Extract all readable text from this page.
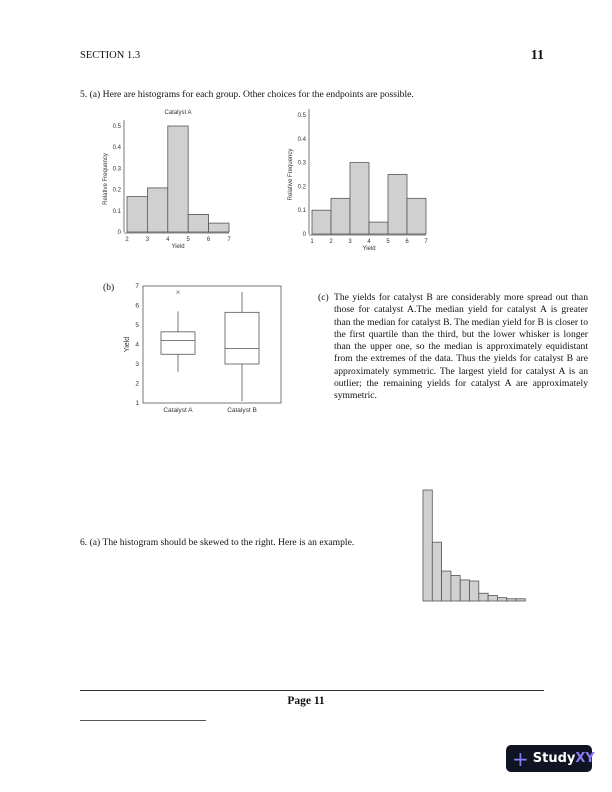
SECTION 1.3	11
5. (a) Here are histograms for each group. Other choices for the endpoints are possible.
0
0.1
0.2
0.3
0.4
0.5
2	3	4	5	6	7
Yield
Relative Frequency
Catalyst A
0
0.1
0.2
0.3
0.4
0.5
1	2	3	4	5	6	7
Yield
Relative Frequency
(b)
1
2
3
4
5
6
7
Yield
×
Catalyst A	Catalyst B
(c) The yields for catalyst B are considerably more spread out than those for catalyst A.The median yield for catalyst A is greater than the median for catalyst B. The median yield for B is closer to the first quartile than the third, but the lower whisker is longer than the upper one, so the median is approximately equidistant from the extremes of the data. Thus the yields for catalyst B are approximately symmetric. The largest yield for catalyst A is an outlier; the remaining yields for catalyst A are approximately symmetric.
6. (a) The histogram should be skewed to the right. Here is an example.
Page 11
+ Study XY
